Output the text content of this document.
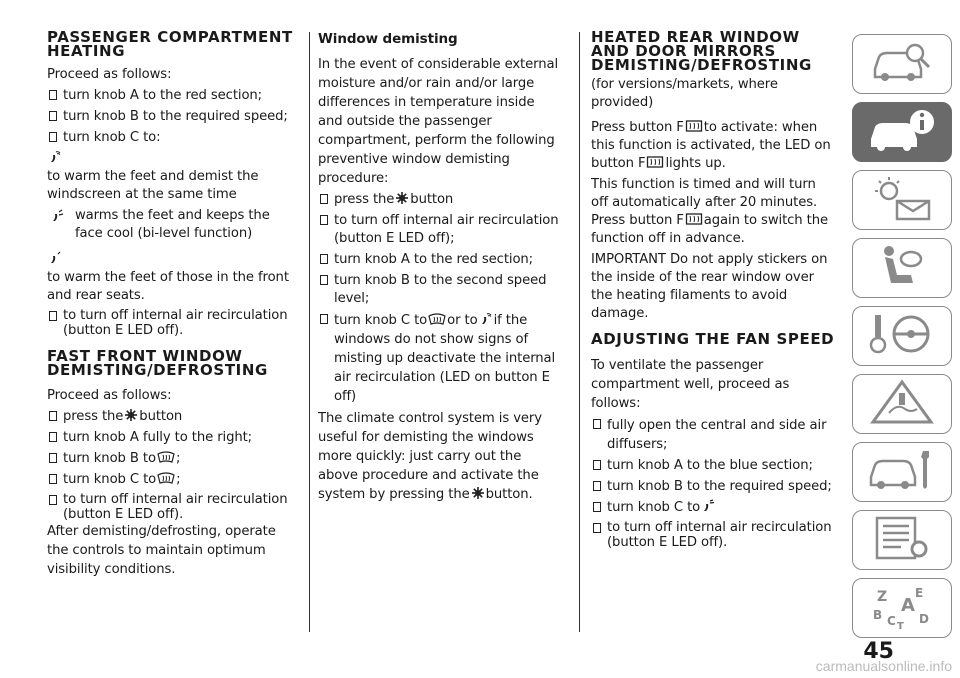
PASSENGER COMPARTMENT HEATING

Proceed as follows:

turn knob A to the red section;
turn knob B to the required speed;
turn knob C to:

to warm the feet and demist the windscreen at the same time
warms the feet and keeps the face cool (bi-level function)

to warm the feet of those in the front and rear seats.
to turn off internal air recirculation (button E LED off).
FAST FRONT WINDOW DEMISTING/DEFROSTING

Proceed as follows:

press the button
turn knob A fully to the right;
turn knob B to ;
turn knob C to ;
to turn off internal air recirculation (button E LED off).

After demisting/defrosting, operate the controls to maintain optimum visibility conditions.

Window demisting

In the event of considerable external moisture and/or rain and/or large differences in temperature inside and outside the passenger compartment, perform the following preventive window demisting procedure:

press the button
to turn off internal air recirculation (button E LED off);
turn knob A to the red section;
turn knob B to the second speed level;
turn knob C to or to if the windows do not show signs of misting up deactivate the internal air recirculation (LED on button E off)

The climate control system is very useful for demisting the windows more quickly: just carry out the above procedure and activate the system by pressing the button.

HEATED REAR WINDOW AND DOOR MIRRORS DEMISTING/DEFROSTING

(for versions/markets, where provided)

Press button F to activate: when this function is activated, the LED on button F lights up.

This function is timed and will turn off automatically after 20 minutes. Press button F again to switch the function off in advance.

IMPORTANT Do not apply stickers on the inside of the rear window over the heating filaments to avoid damage.

ADJUSTING THE FAN SPEED

To ventilate the passenger compartment well, proceed as follows:

fully open the central and side air diffusers;
turn knob A to the blue section;
turn knob B to the required speed;
turn knob C to
to turn off internal air recirculation (button E LED off).
Z E
A
B C D
T
45
carmanualsonline.info
